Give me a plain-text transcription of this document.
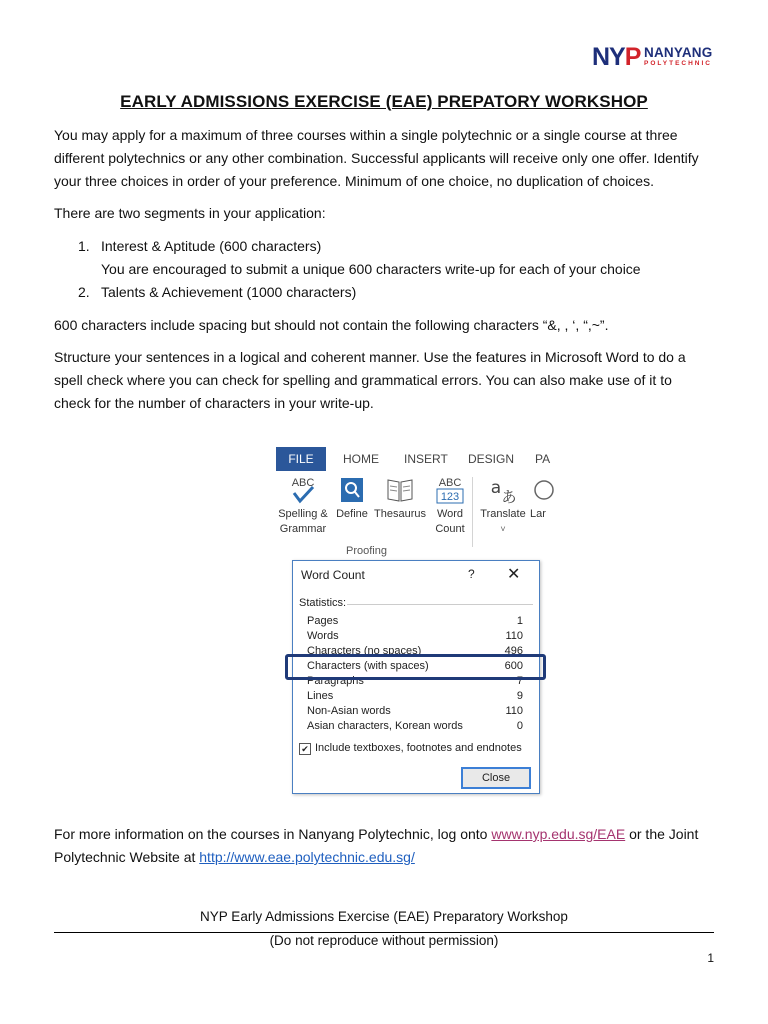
NYP NANYANG
POLYTECHNIC
EARLY ADMISSIONS EXERCISE (EAE) PREPATORY WORKSHOP

You may apply for a maximum of three courses within a single polytechnic or a single course at three

different polytechnics or any other combination. Successful applicants will receive only one offer. Identify

your three choices in order of your preference. Minimum of one choice, no duplication of choices.

There are two segments in your application:
1. Interest & Aptitude (600 characters)
You are encouraged to submit a unique 600 characters write-up for each of your choice
2. Talents & Achievement (1000 characters)
600 characters include spacing but should not contain the following characters “&, , ‘, “,~”.

Structure your sentences in a logical and coherent manner. Use the features in Microsoft Word to do a

spell check where you can check for spelling and grammatical errors. You can also make use of it to

check for the number of characters in your write-up.

FILE	HOME INSERT DESIGN PA
ABC
Spelling &
Grammar
Define Thesaurus
ABC
123
Word
Count
a あ
Translate
˅
Lar
Proofing
Word Count	? ✕
Statistics:
Pages	1
Words	110
Characters (no spaces)	496
Characters (with spaces)	600
Paragraphs	7
Lines	9
Non-Asian words	110
Asian characters, Korean words	0
✔ Include textboxes, footnotes and endnotes
Close

For more information on the courses in Nanyang Polytechnic, log onto www.nyp.edu.sg/EAE or the Joint

Polytechnic Website at http://www.eae.polytechnic.edu.sg/

NYP Early Admissions Exercise (EAE) Preparatory Workshop
(Do not reproduce without permission)
1
